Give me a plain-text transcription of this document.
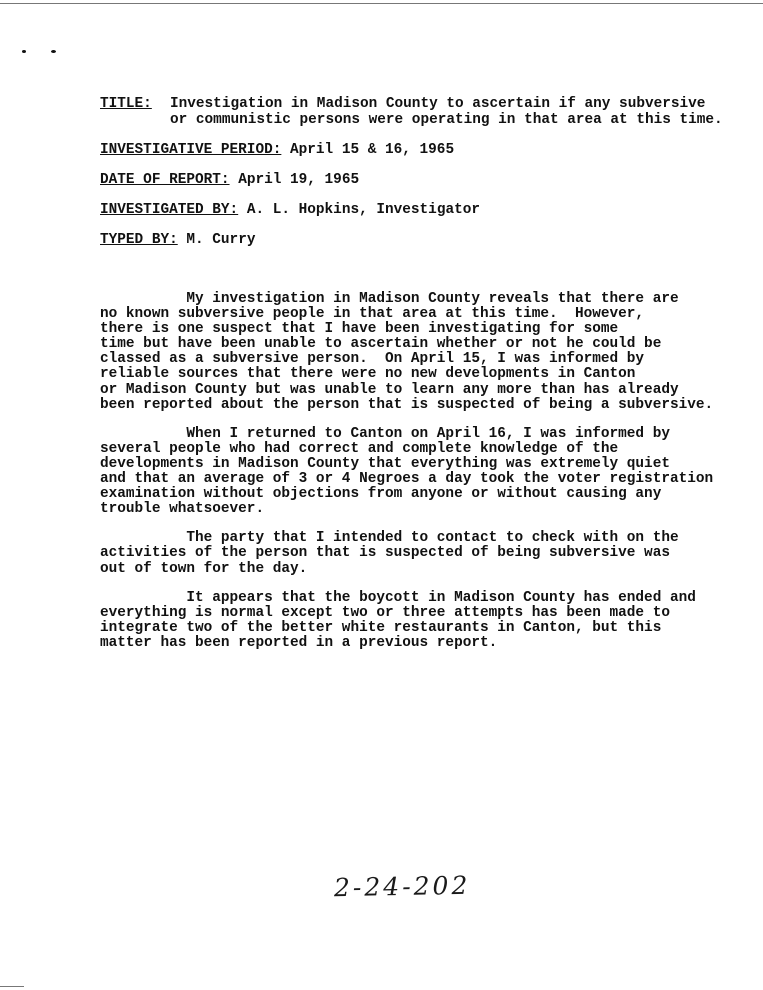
TITLE: Investigation in Madison County to ascertain if any subversive
or communistic persons were operating in that area at this time.
INVESTIGATIVE PERIOD: April 15 & 16, 1965
DATE OF REPORT: April 19, 1965
INVESTIGATED BY: A. L. Hopkins, Investigator
TYPED BY: M. Curry
My investigation in Madison County reveals that there are
no known subversive people in that area at this time.  However,
there is one suspect that I have been investigating for some
time but have been unable to ascertain whether or not he could be
classed as a subversive person.  On April 15, I was informed by
reliable sources that there were no new developments in Canton
or Madison County but was unable to learn any more than has already
been reported about the person that is suspected of being a subversive.
When I returned to Canton on April 16, I was informed by
several people who had correct and complete knowledge of the
developments in Madison County that everything was extremely quiet
and that an average of 3 or 4 Negroes a day took the voter registration
examination without objections from anyone or without causing any
trouble whatsoever.
The party that I intended to contact to check with on the
activities of the person that is suspected of being subversive was
out of town for the day.
It appears that the boycott in Madison County has ended and
everything is normal except two or three attempts has been made to
integrate two of the better white restaurants in Canton, but this
matter has been reported in a previous report.
2-24-202
